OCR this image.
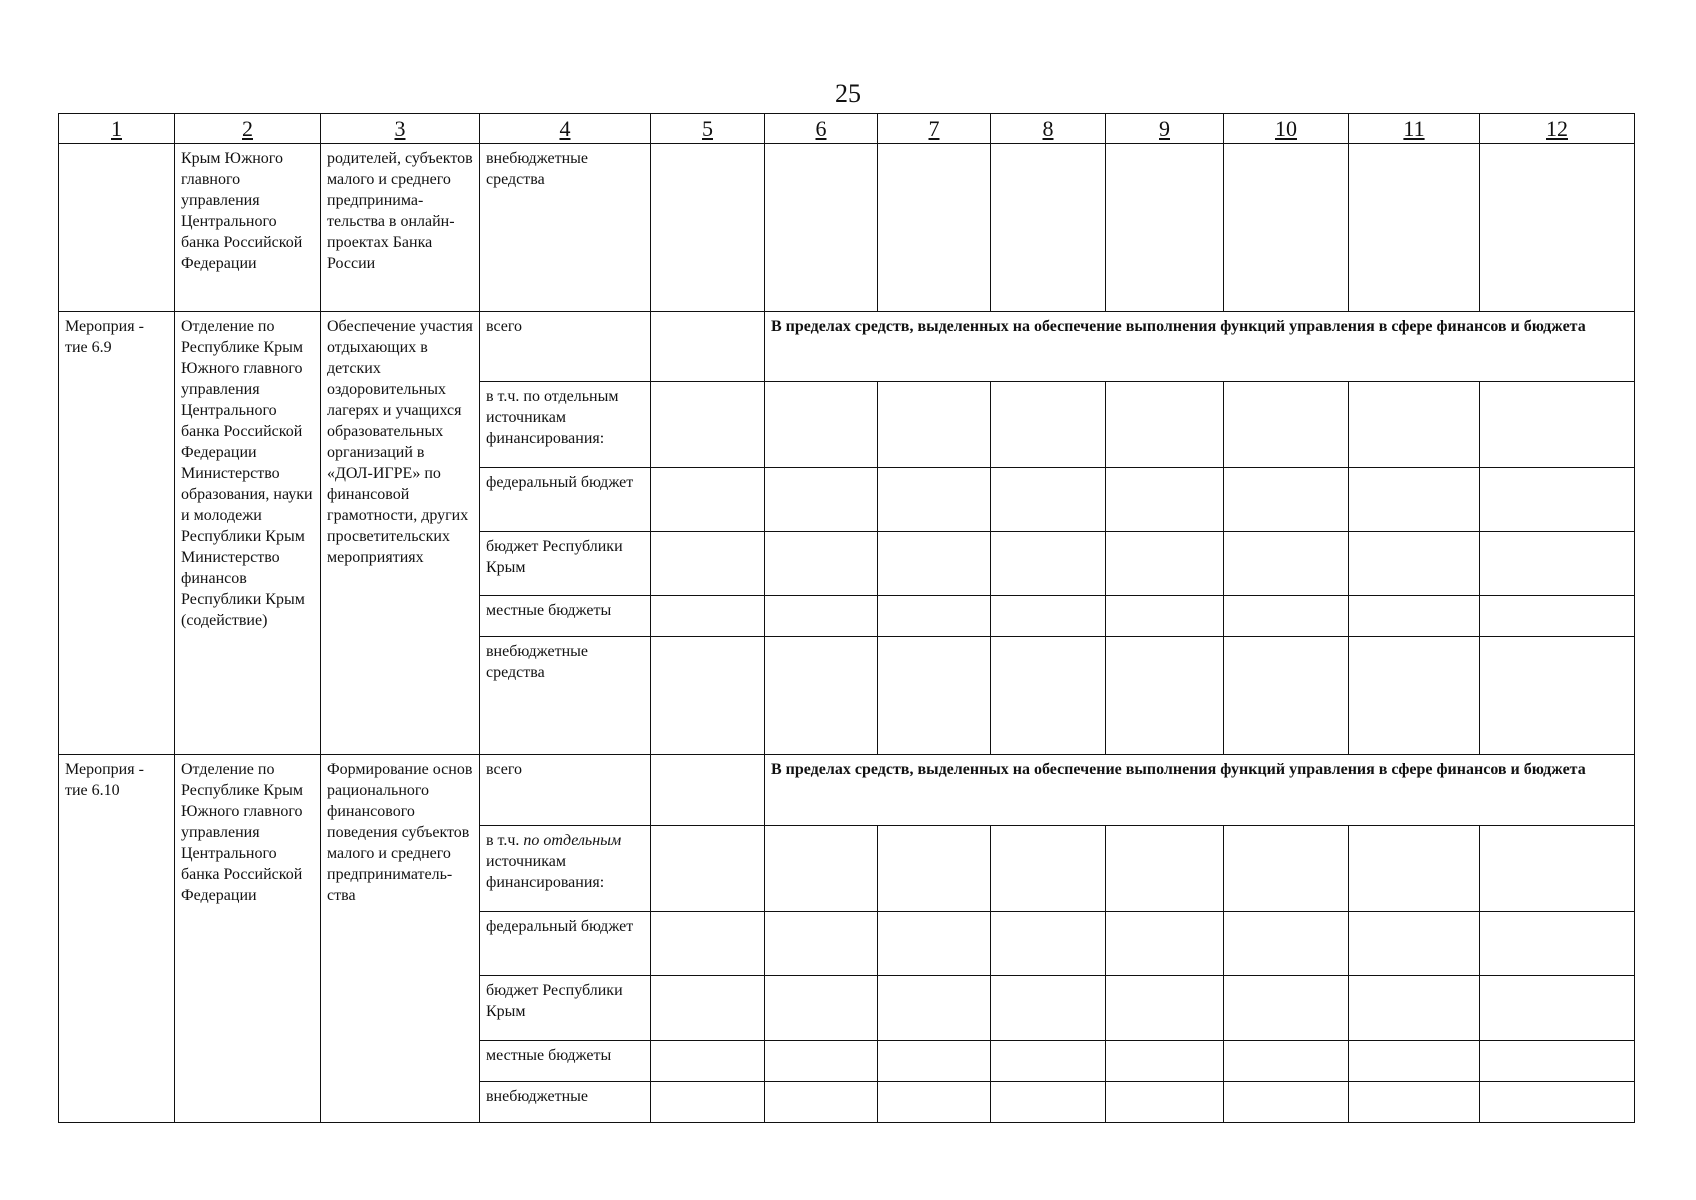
25
1	2	3	4	5	6	7	8	9	10	11	12
	Крым Южного главного управления Центрального банка Российской Федерации	родителей, субъектов малого и среднего предпринима-тельства в онлайн-проектах Банка России	внебюджетные средства								
Мероприя - тие 6.9	Отделение по Республике Крым Южного главного управления Центрального банка Российской Федерации Министерство образования, науки и молодежи Республики Крым Министерство финансов Республики Крым (содействие)	Обеспечение участия отдыхающих в детских оздоровительных лагерях и учащихся образовательных организаций в «ДОЛ-ИГРЕ» по финансовой грамотности, других просветительских мероприятиях	всего		В пределах средств, выделенных на обеспечение выполнения функций управления в сфере финансов и бюджета						
			в т.ч. по отдельным источникам финансирования:								
			федеральный бюджет								
			бюджет Республики Крым								
			местные бюджеты								
			внебюджетные средства								
Мероприя - тие 6.10	Отделение по Республике Крым Южного главного управления Центрального банка Российской Федерации	Формирование основ рационального финансового поведения субъектов малого и среднего предприниматель-ства	всего		В пределах средств, выделенных на обеспечение выполнения функций управления в сфере финансов и бюджета						
			в т.ч. по отдельным источникам финансирования:								
			федеральный бюджет								
			бюджет Республики Крым								
			местные бюджеты								
			внебюджетные								
